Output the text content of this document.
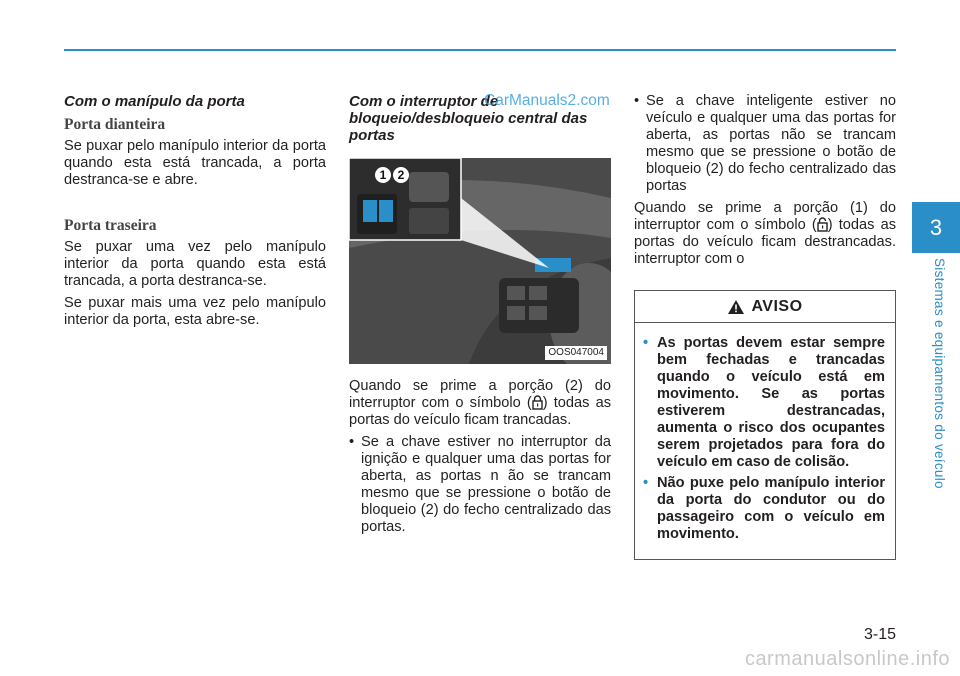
Com o manípulo da porta
Porta dianteira

Se puxar pelo manípulo interior da porta quando esta está trancada, a porta destranca-se e abre.

Porta traseira

Se puxar uma vez pelo manípulo interior da porta quando esta está trancada, a porta destranca-se.

Se puxar mais uma vez pelo manípulo interior da porta, esta abre-se.

Com o interruptor de bloqueio/desbloqueio central das portas
1 2
OOS047004

Quando se prime a porção (2) do interruptor com o símbolo ( ) todas as portas do veículo ficam trancadas.

• Se a chave estiver no interruptor da ignição e qualquer uma das portas for aberta, as portas n ão se trancam mesmo que se pressione o botão de bloqueio (2) do fecho centralizado das portas.
• Se a chave inteligente estiver no veículo e qualquer uma das portas for aberta, as portas não se trancam mesmo que se pressione o botão de bloqueio (2) do fecho centralizado das portas

Quando se prime a porção (1) do interruptor com o símbolo ( ) todas as portas do veículo ficam destrancadas. interruptor com o

AVISO
• As portas devem estar sempre bem fechadas e trancadas quando o veículo está em movimento. Se as portas estiverem destrancadas, aumenta o risco dos ocupantes serem projetados para fora do veículo em caso de colisão.
• Não puxe pelo manípulo interior da porta do condutor ou do passageiro com o veículo em movimento.
CarManuals2.com
3
Sistemas e equipamentos do veículo
3-15
carmanualsonline.info
